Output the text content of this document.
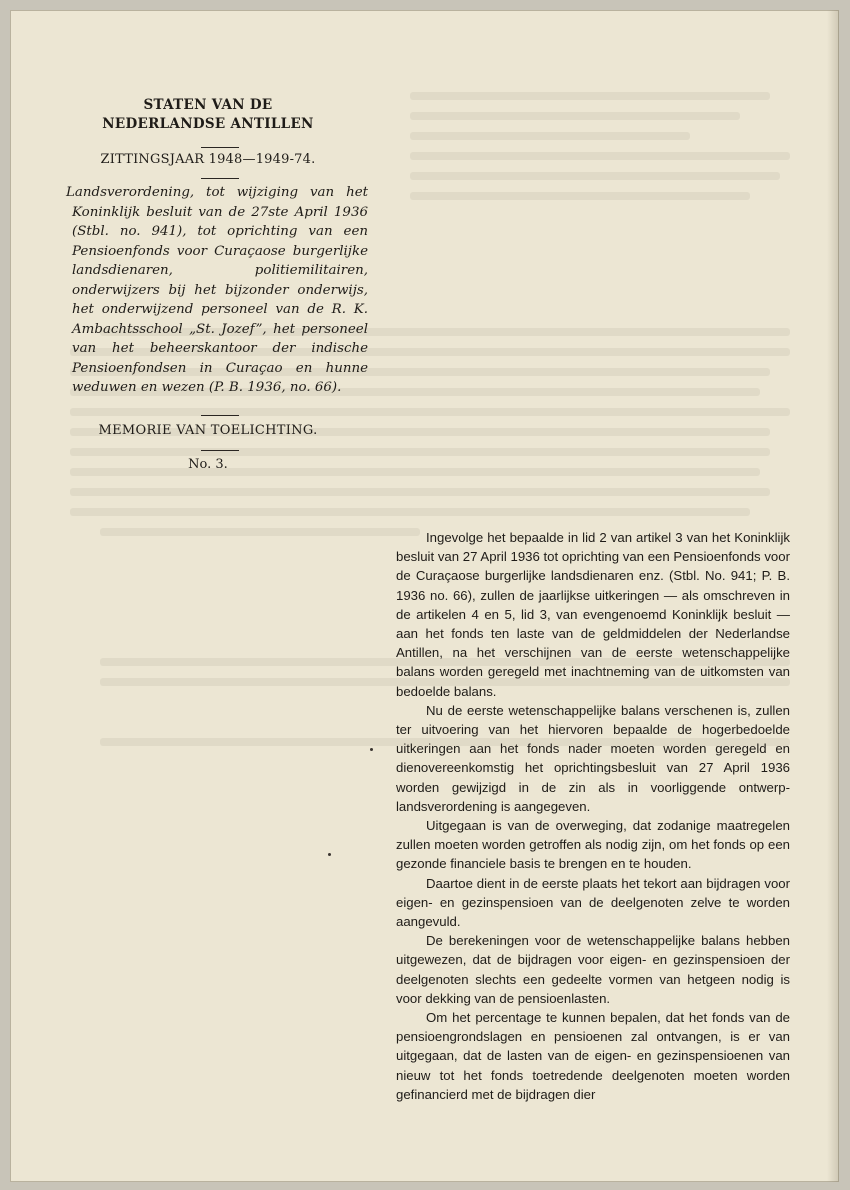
STATEN VAN DE
NEDERLANDSE ANTILLEN
ZITTINGSJAAR 1948—1949-74.
Landsverordening, tot wijziging van het Koninklijk besluit van de 27ste April 1936 (Stbl. no. 941), tot oprichting van een Pensioenfonds voor Curaçaose burgerlijke landsdienaren, politiemilitairen, onderwijzers bij het bijzonder onderwijs, het onderwijzend personeel van de R. K. Ambachtsschool „St. Jozef”, het personeel van het beheerskantoor der indische Pensioenfondsen in Curaçao en hunne weduwen en wezen (P. B. 1936, no. 66).
MEMORIE VAN TOELICHTING.
No. 3.

Ingevolge het bepaalde in lid 2 van artikel 3 van het Koninklijk besluit van 27 April 1936 tot oprichting van een Pensioenfonds voor de Curaçaose burgerlijke landsdienaren enz. (Stbl. No. 941; P. B. 1936 no. 66), zullen de jaarlijkse uitkeringen — als omschreven in de artikelen 4 en 5, lid 3, van evengenoemd Koninklijk besluit — aan het fonds ten laste van de geldmiddelen der Nederlandse Antillen, na het verschijnen van de eerste wetenschappelijke balans worden geregeld met inachtneming van de uitkomsten van bedoelde balans.

Nu de eerste wetenschappelijke balans verschenen is, zullen ter uitvoering van het hiervoren bepaalde de hogerbedoelde uitkeringen aan het fonds nader moeten worden geregeld en dienovereenkomstig het oprichtingsbesluit van 27 April 1936 worden gewijzigd in de zin als in voorliggende ontwerp-landsverordening is aangegeven.

Uitgegaan is van de overweging, dat zodanige maatregelen zullen moeten worden getroffen als nodig zijn, om het fonds op een gezonde financiele basis te brengen en te houden.

Daartoe dient in de eerste plaats het tekort aan bijdragen voor eigen- en gezinspensioen van de deelgenoten zelve te worden aangevuld.

De berekeningen voor de wetenschappelijke balans hebben uitgewezen, dat de bijdragen voor eigen- en gezinspensioen der deelgenoten slechts een gedeelte vormen van hetgeen nodig is voor dekking van de pensioenlasten.

Om het percentage te kunnen bepalen, dat het fonds van de pensioengrondslagen en pensioenen zal ontvangen, is er van uitgegaan, dat de lasten van de eigen- en gezinspensioenen van nieuw tot het fonds toetredende deelgenoten moeten worden gefinancierd met de bijdragen dier
